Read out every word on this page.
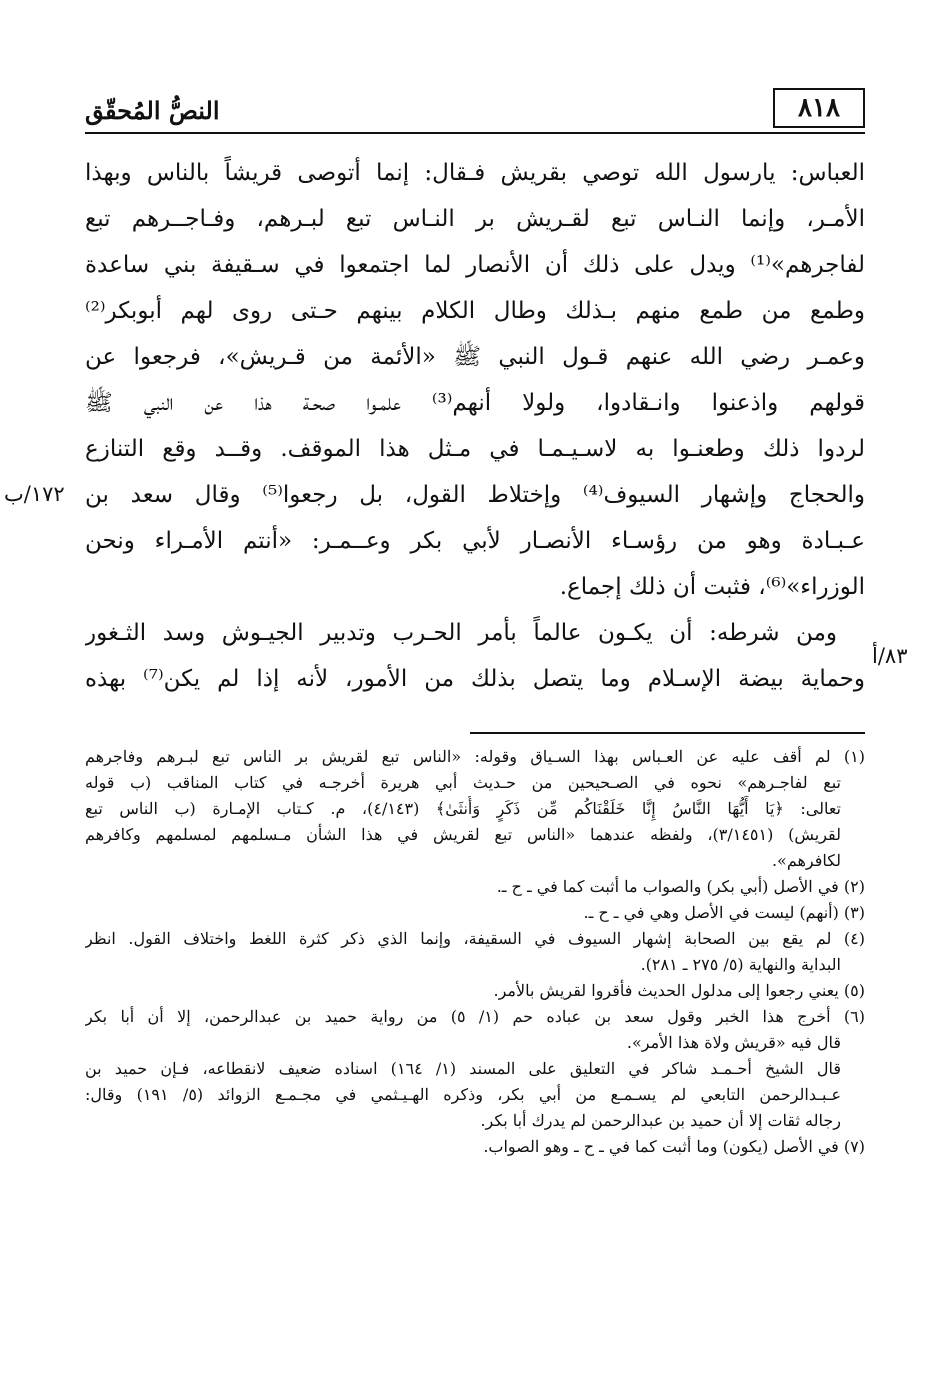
النصُّ المُحقّق	٨١٨
العباس: يارسول الله توصي بقريش فـقال: إنما أتوصى قريشاً بالناس وبهذا
الأمـر، وإنما النـاس تبع لقـريش بر النـاس تبع لبـرهم، وفـاجــرهم تبع
لفاجرهم»⁽¹⁾ ويدل على ذلك أن الأنصار لما اجتمعوا في سـقيفة بني ساعدة
وطمع من طمع منهم بـذلك وطال الكلام بينهم حـتى روى لهم أبوبكر⁽²⁾
وعمـر رضي الله عنهم قـول النبي ﷺ «الأئمة من قـريش»، فرجعوا عن
قولهم واذعنوا وانـقادوا، ولولا أنهم⁽³⁾ علمـوا صحـة هذا عن النبي ﷺ
لردوا ذلك وطعنـوا به لاسـيـمـا في مـثل هذا الموقف. وقــد وقع التنازع
والحجاج وإشهار السيوف⁽⁴⁾ وإختلاط القول، بل رجعوا⁽⁵⁾ وقال سعد بن
عـبـادة وهو من رؤسـاء الأنصـار لأبي بكر وعــمـر: «أنتم الأمـراء ونحن
الوزراء»⁽⁶⁾، فثبت أن ذلك إجماع.
ومن شرطه: أن يكـون عالماً بأمر الحـرب وتدبير الجيـوش وسد الثـغور
وحماية بيضة الإسـلام وما يتصل بذلك من الأمور، لأنه إذا لم يكن⁽⁷⁾ بهذه
١٧٢/ب
٨٣/أ
(١) لم أقف عليه عن العـباس بهذا السـياق وقوله: «الناس تبع لقريش بر الناس تبع لبـرهم وفاجرهم
تبع لفاجـرهم» نحوه في الصـحيحين من حـديث أبي هريرة أخرجـه في كتاب المناقب (ب قوله
تعالى: ﴿يَا أَيُّهَا النَّاسُ إِنَّا خَلَقْنَاكُم مِّن ذَكَرٍ وَأُنثَىٰ﴾ (٤/١٤٣)، م. كـتاب الإمـارة (ب الناس تبع
لقريش) (٣/١٤٥١)، ولفظه عندهما «الناس تبع لقريش في هذا الشأن مـسلمهم لمسلمهم وكافرهم
لكافرهم».
(٢) في الأصل (أبي بكر) والصواب ما أثبت كما في ـ ح ـ.
(٣) (أنهم) ليست في الأصل وهي في ـ ح ـ.
(٤) لم يقع بين الصحابة إشهار السيوف في السقيفة، وإنما الذي ذكر كثرة اللغط واختلاف القول. انظر
البداية والنهاية (٥/ ٢٧٥ ـ ٢٨١).
(٥) يعني رجعوا إلى مدلول الحديث فأقروا لقريش بالأمر.
(٦) أخرج هذا الخبر وقول سعد بن عباده حم (١/ ٥) من رواية حميد بن عبدالرحمن، إلا أن أبا بكر
قال فيه «قريش ولاة هذا الأمر».
قال الشيخ أحـمـد شاكر في التعليق على المسند (١/ ١٦٤) اسناده ضعيف لانقطاعه، فـإن حميد بن
عـبـدالرحمن التابعي لم يسـمـع من أبي بكر، وذكره الهـيـثمي في مجـمـع الزوائد (٥/ ١٩١) وقال:
رجاله ثقات إلا أن حميد بن عبدالرحمن لم يدرك أبا بكر.
(٧) في الأصل (يكون) وما أثبت كما في ـ ح ـ وهو الصواب.
